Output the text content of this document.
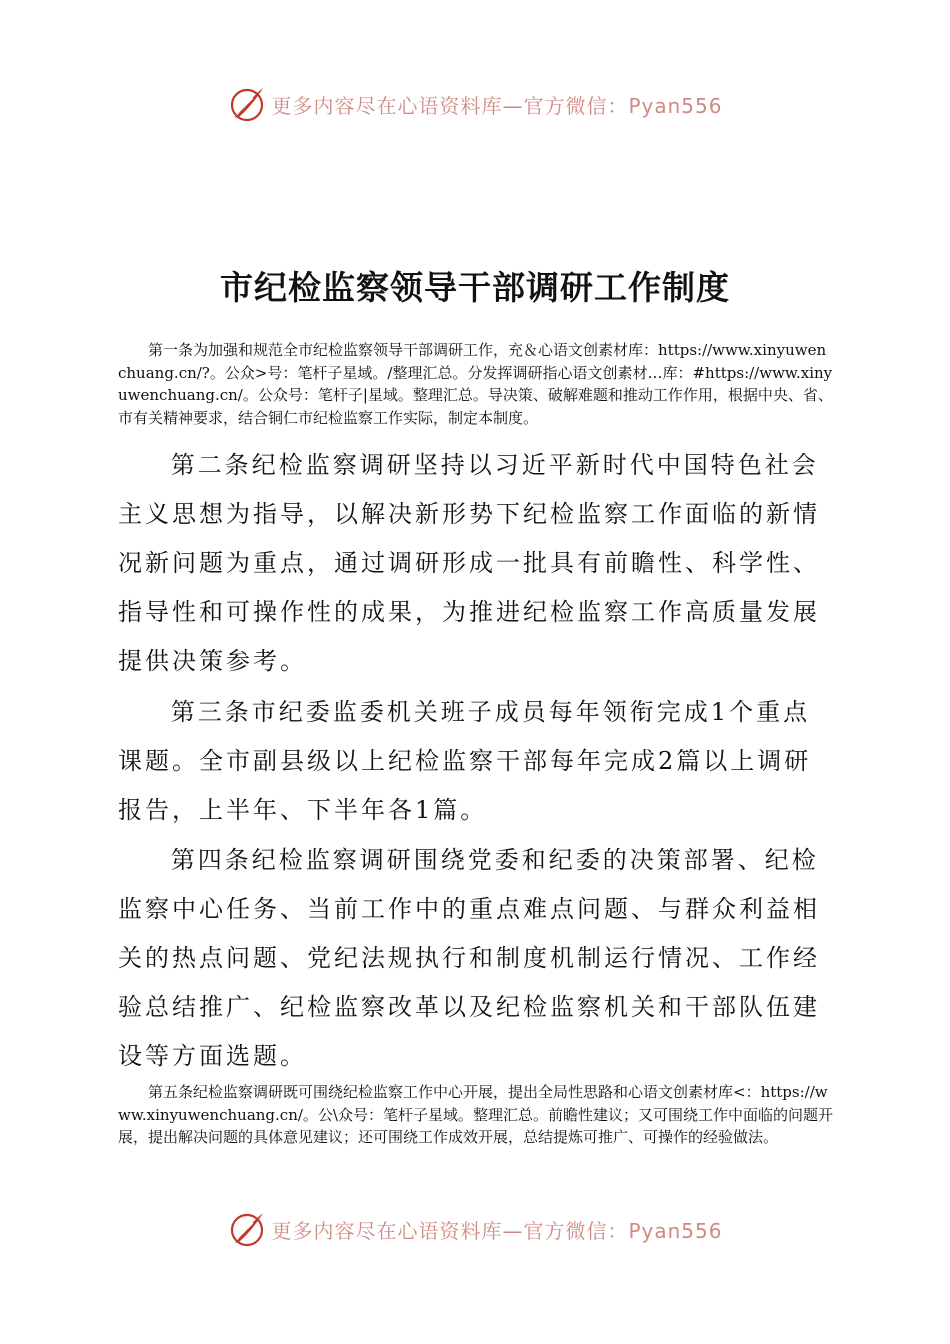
更多内容尽在心语资料库—官方微信：Pyan556
市纪检监察领导干部调研工作制度

第一条为加强和规范全市纪检监察领导干部调研工作，充＆心语文创素材库：https://www.xinyuwenchuang.cn/?。公众>号：笔杆子星域。/整理汇总。分发挥调研指心语文创素材…库：#https://www.xinyuwenchuang.cn/。公众号：笔杆子|星域。整理汇总。导决策、破解难题和推动工作作用，根据中央、省、市有关精神要求，结合铜仁市纪检监察工作实际，制定本制度。

第二条纪检监察调研坚持以习近平新时代中国特色社会主义思想为指导，以解决新形势下纪检监察工作面临的新情况新问题为重点，通过调研形成一批具有前瞻性、科学性、指导性和可操作性的成果，为推进纪检监察工作高质量发展提供决策参考。

第三条市纪委监委机关班子成员每年领衔完成1个重点课题。全市副县级以上纪检监察干部每年完成2篇以上调研报告，上半年、下半年各1篇。

第四条纪检监察调研围绕党委和纪委的决策部署、纪检监察中心任务、当前工作中的重点难点问题、与群众利益相关的热点问题、党纪法规执行和制度机制运行情况、工作经验总结推广、纪检监察改革以及纪检监察机关和干部队伍建设等方面选题。

第五条纪检监察调研既可围绕纪检监察工作中心开展，提出全局性思路和心语文创素材库<：https://www.xinyuwenchuang.cn/。公\众号：笔杆子星域。整理汇总。前瞻性建议；又可围绕工作中面临的问题开展，提出解决问题的具体意见建议；还可围绕工作成效开展，总结提炼可推广、可操作的经验做法。

更多内容尽在心语资料库—官方微信：Pyan556
